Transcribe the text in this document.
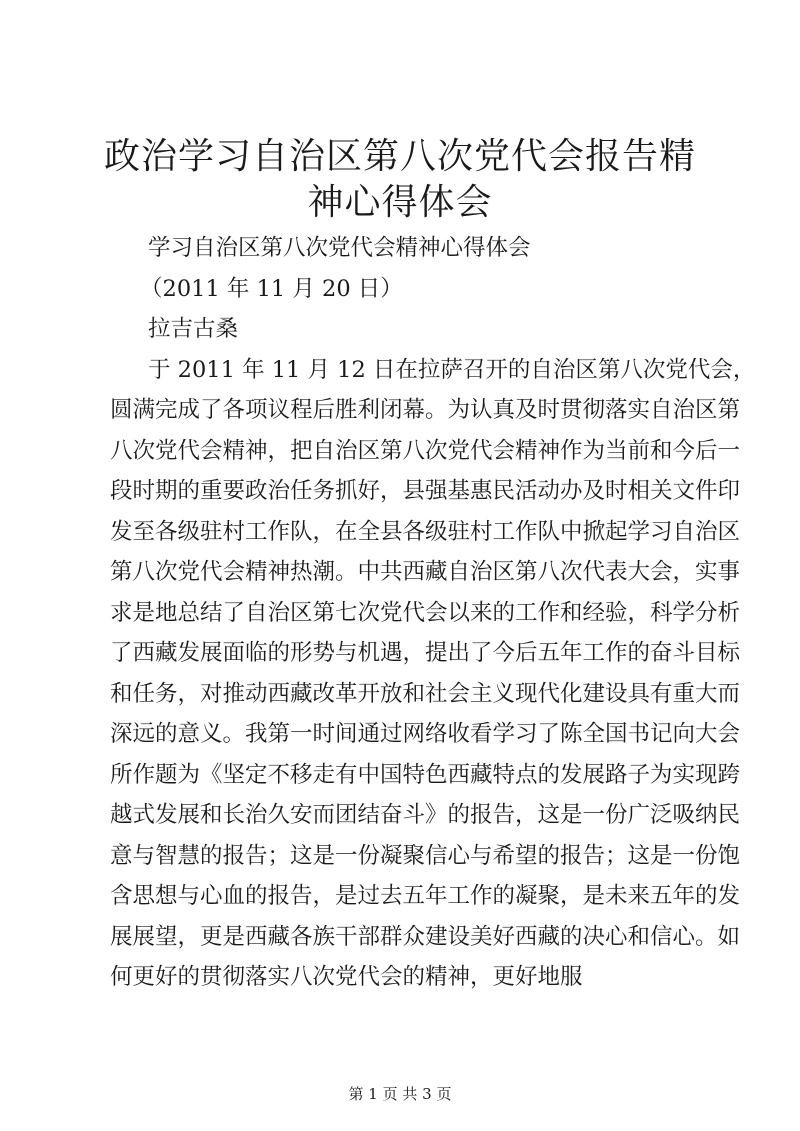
政治学习自治区第八次党代会报告精神心得体会
学习自治区第八次党代会精神心得体会
（2011 年 11 月 20 日）
拉吉古桑
于 2011 年 11 月 12 日在拉萨召开的自治区第八次党代会，
圆满完成了各项议程后胜利闭幕。为认真及时贯彻落实自治区第
八次党代会精神，把自治区第八次党代会精神作为当前和今后一
段时期的重要政治任务抓好，县强基惠民活动办及时相关文件印
发至各级驻村工作队，在全县各级驻村工作队中掀起学习自治区
第八次党代会精神热潮。中共西藏自治区第八次代表大会，实事
求是地总结了自治区第七次党代会以来的工作和经验，科学分析
了西藏发展面临的形势与机遇，提出了今后五年工作的奋斗目标
和任务，对推动西藏改革开放和社会主义现代化建设具有重大而
深远的意义。我第一时间通过网络收看学习了陈全国书记向大会
所作题为《坚定不移走有中国特色西藏特点的发展路子为实现跨
越式发展和长治久安而团结奋斗》的报告，这是一份广泛吸纳民
意与智慧的报告；这是一份凝聚信心与希望的报告；这是一份饱
含思想与心血的报告，是过去五年工作的凝聚，是未来五年的发
展展望，更是西藏各族干部群众建设美好西藏的决心和信心。如
何更好的贯彻落实八次党代会的精神，更好地服
第 1 页 共 3 页
